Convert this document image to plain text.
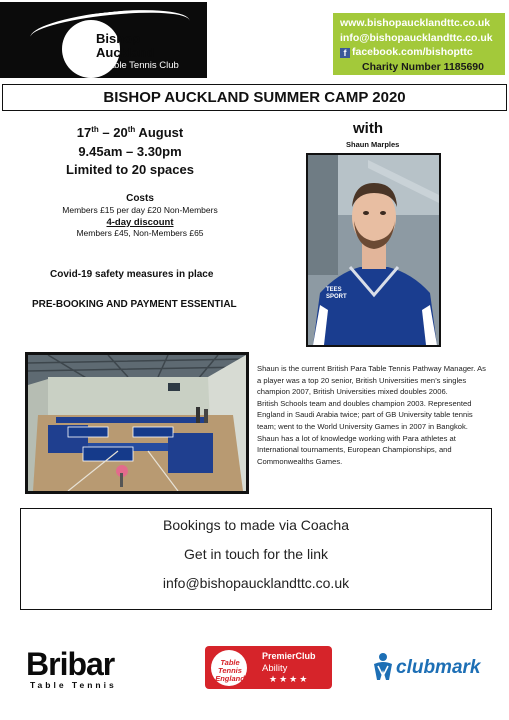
Bishop
Auckland
Table Tennis Club
www.bishopaucklandttc.co.uk
info@bishopaucklandttc.co.uk
f facebook.com/bishopttc
Charity Number 1185690
BISHOP AUCKLAND SUMMER CAMP 2020
17th – 20th August
9.45am – 3.30pm
Limited to 20 spaces
Costs
Members £15 per day £20 Non-Members
4-day discount
Members £45, Non-Members £65
Covid-19 safety measures in place
PRE-BOOKING AND PAYMENT ESSENTIAL
with
Shaun Marples
TEES SPORT

Shaun is the current British Para Table Tennis Pathway Manager. As a player was a top 20 senior, British Universities men’s singles champion 2007, British Universities mixed doubles 2006.

British Schools team and doubles champion 2003. Represented England in Saudi Arabia twice; part of GB University table tennis team; went to the World University Games in 2007 in Bangkok. Shaun has a lot of knowledge working with Para athletes at International tournaments, European Championships, and Commonwealths Games.

Bookings to made via Coacha
Get in touch for the link
info@bishopaucklandttc.co.uk
Bribar
Table Tennis
Table Tennis England
PremierClub
Ability
★★★★
clubmark
